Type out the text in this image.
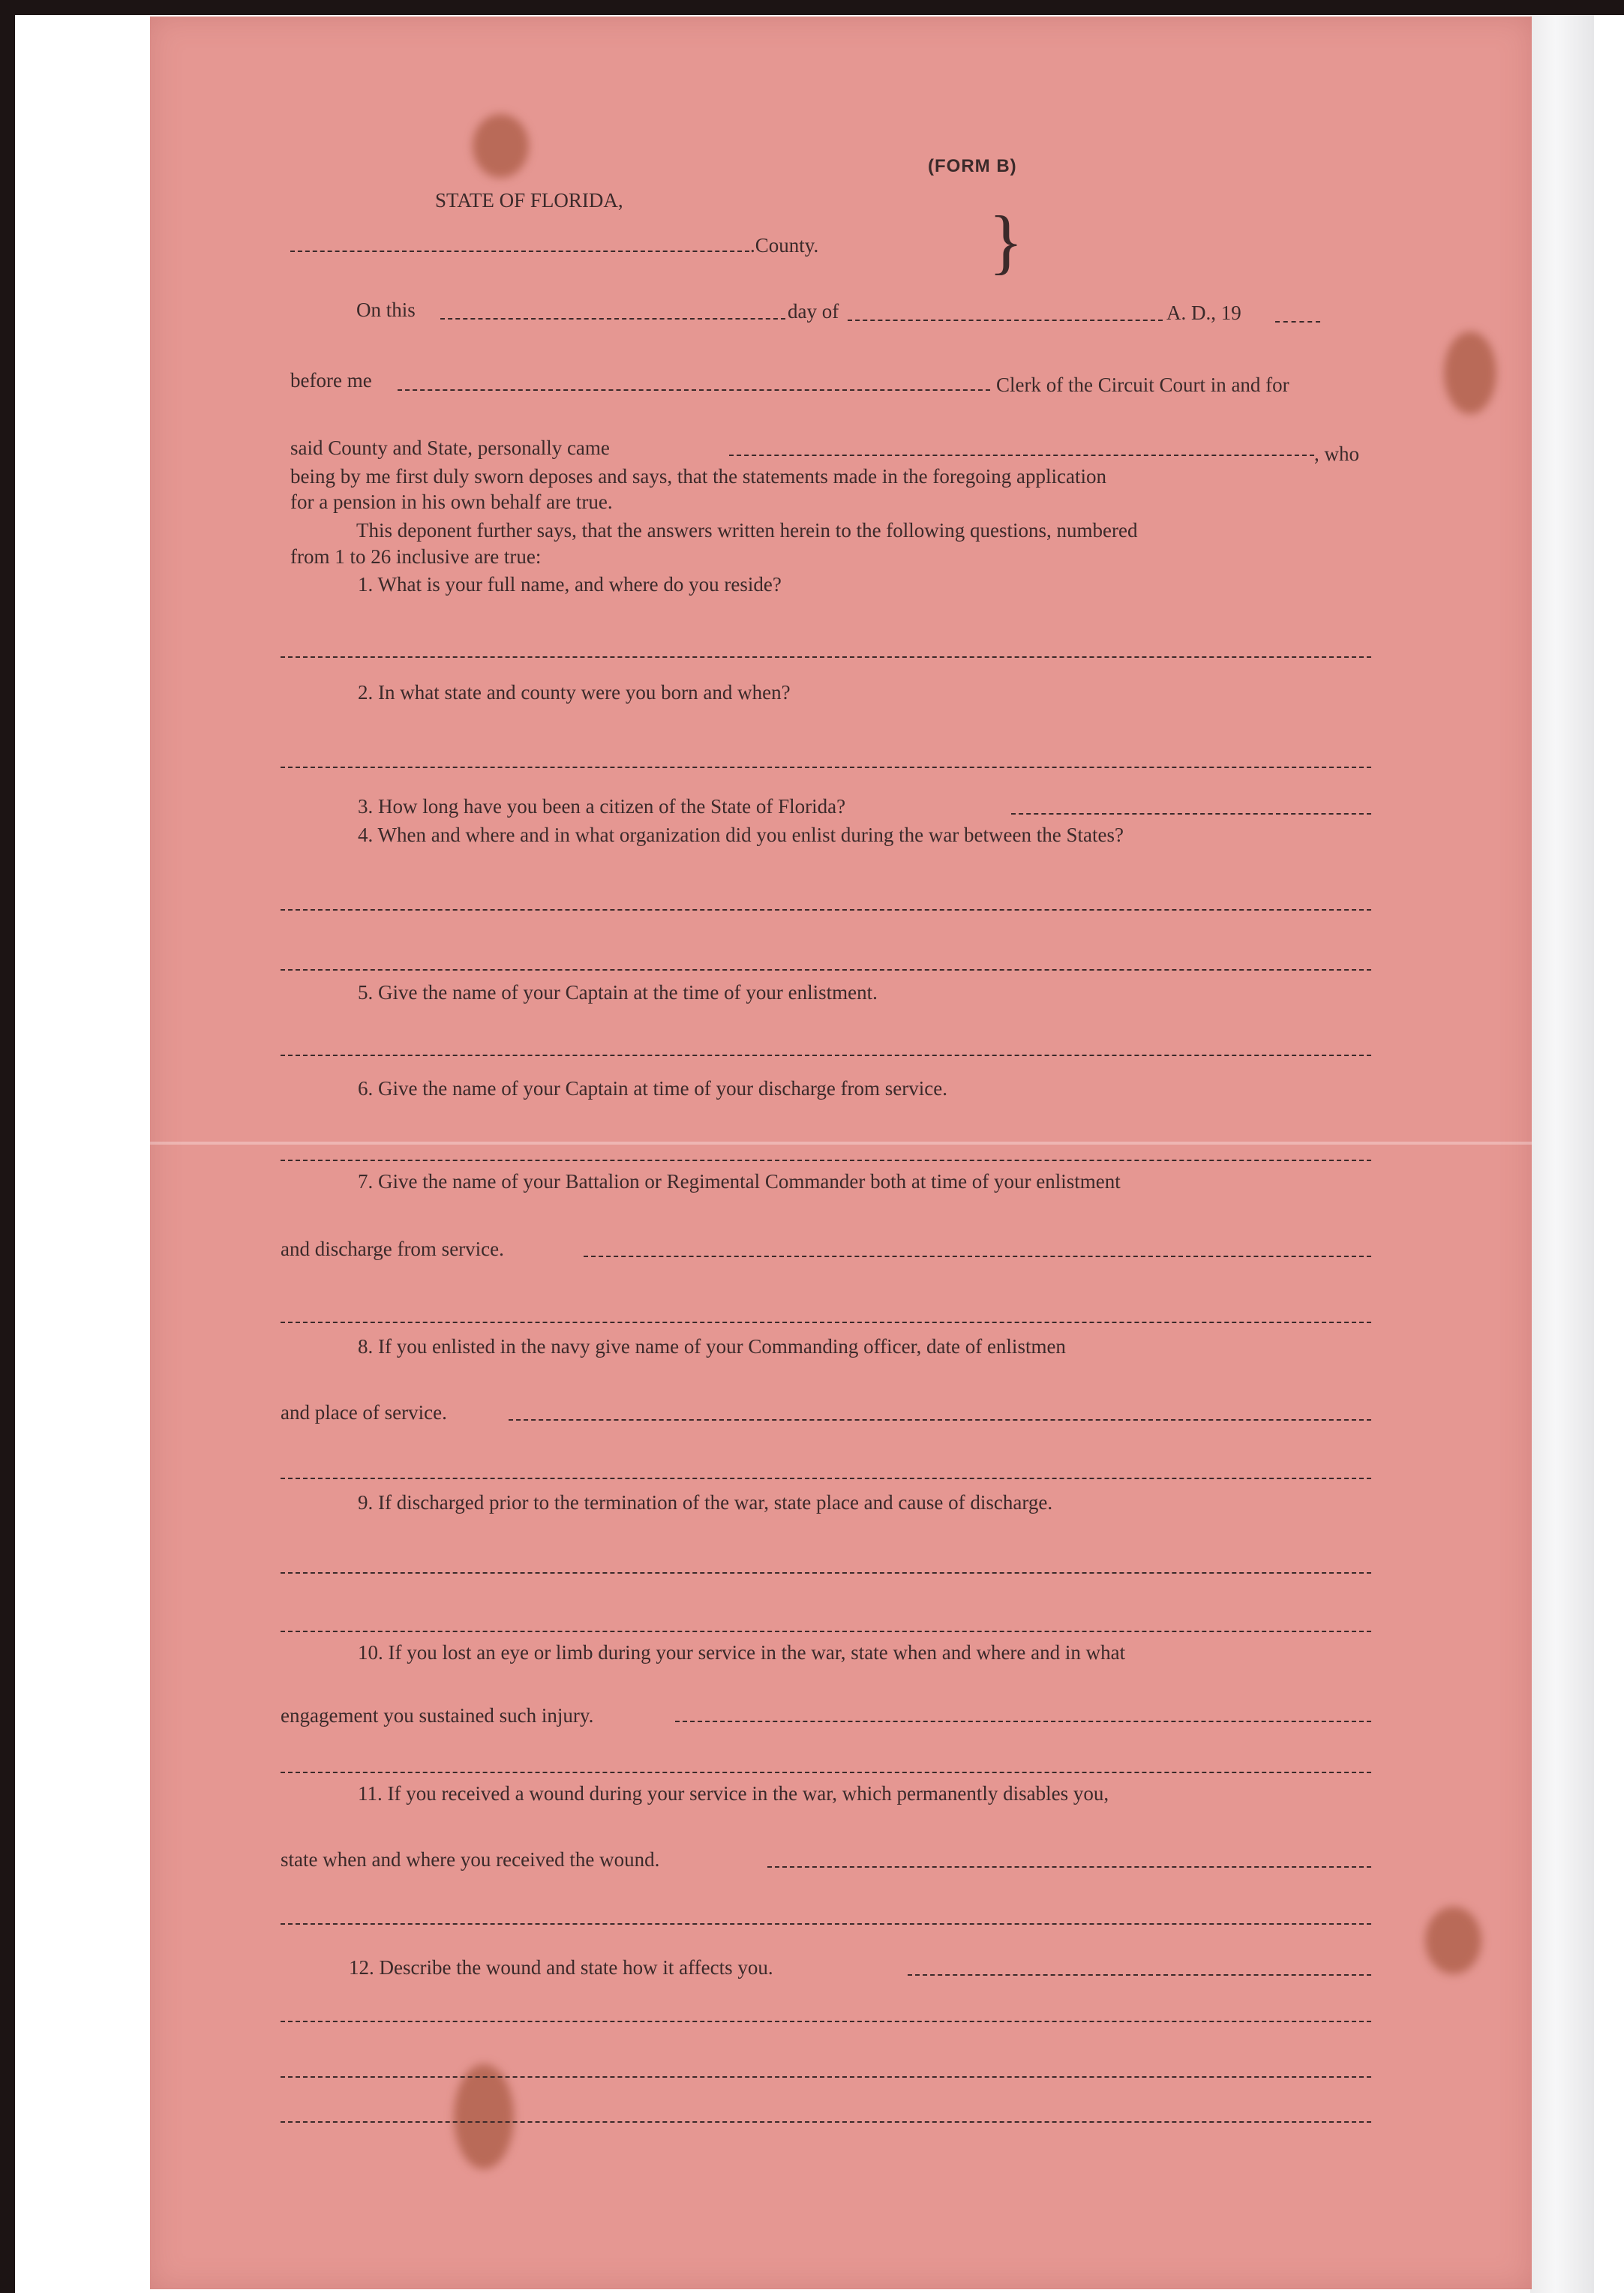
(FORM B)
STATE OF FLORIDA,
.County. }
On this	day of	A. D., 19
before me	Clerk of the Circuit Court in and for
said County and State, personally came	, who
being by me first duly sworn deposes and says, that the statements made in the foregoing application
for a pension in his own behalf are true.
This deponent further says, that the answers written herein to the following questions, numbered
from 1 to 26 inclusive are true:
1. What is your full name, and where do you reside?
2. In what state and county were you born and when?
3. How long have you been a citizen of the State of Florida?
4. When and where and in what organization did you enlist during the war between the States?
5. Give the name of your Captain at the time of your enlistment.
6. Give the name of your Captain at time of your discharge from service.
7. Give the name of your Battalion or Regimental Commander both at time of your enlistment
and discharge from service.
8. If you enlisted in the navy give name of your Commanding officer, date of enlistmen
and place of service.
9. If discharged prior to the termination of the war, state place and cause of discharge.
10. If you lost an eye or limb during your service in the war, state when and where and in what
engagement you sustained such injury.
11. If you received a wound during your service in the war, which permanently disables you,
state when and where you received the wound.
12. Describe the wound and state how it affects you.
